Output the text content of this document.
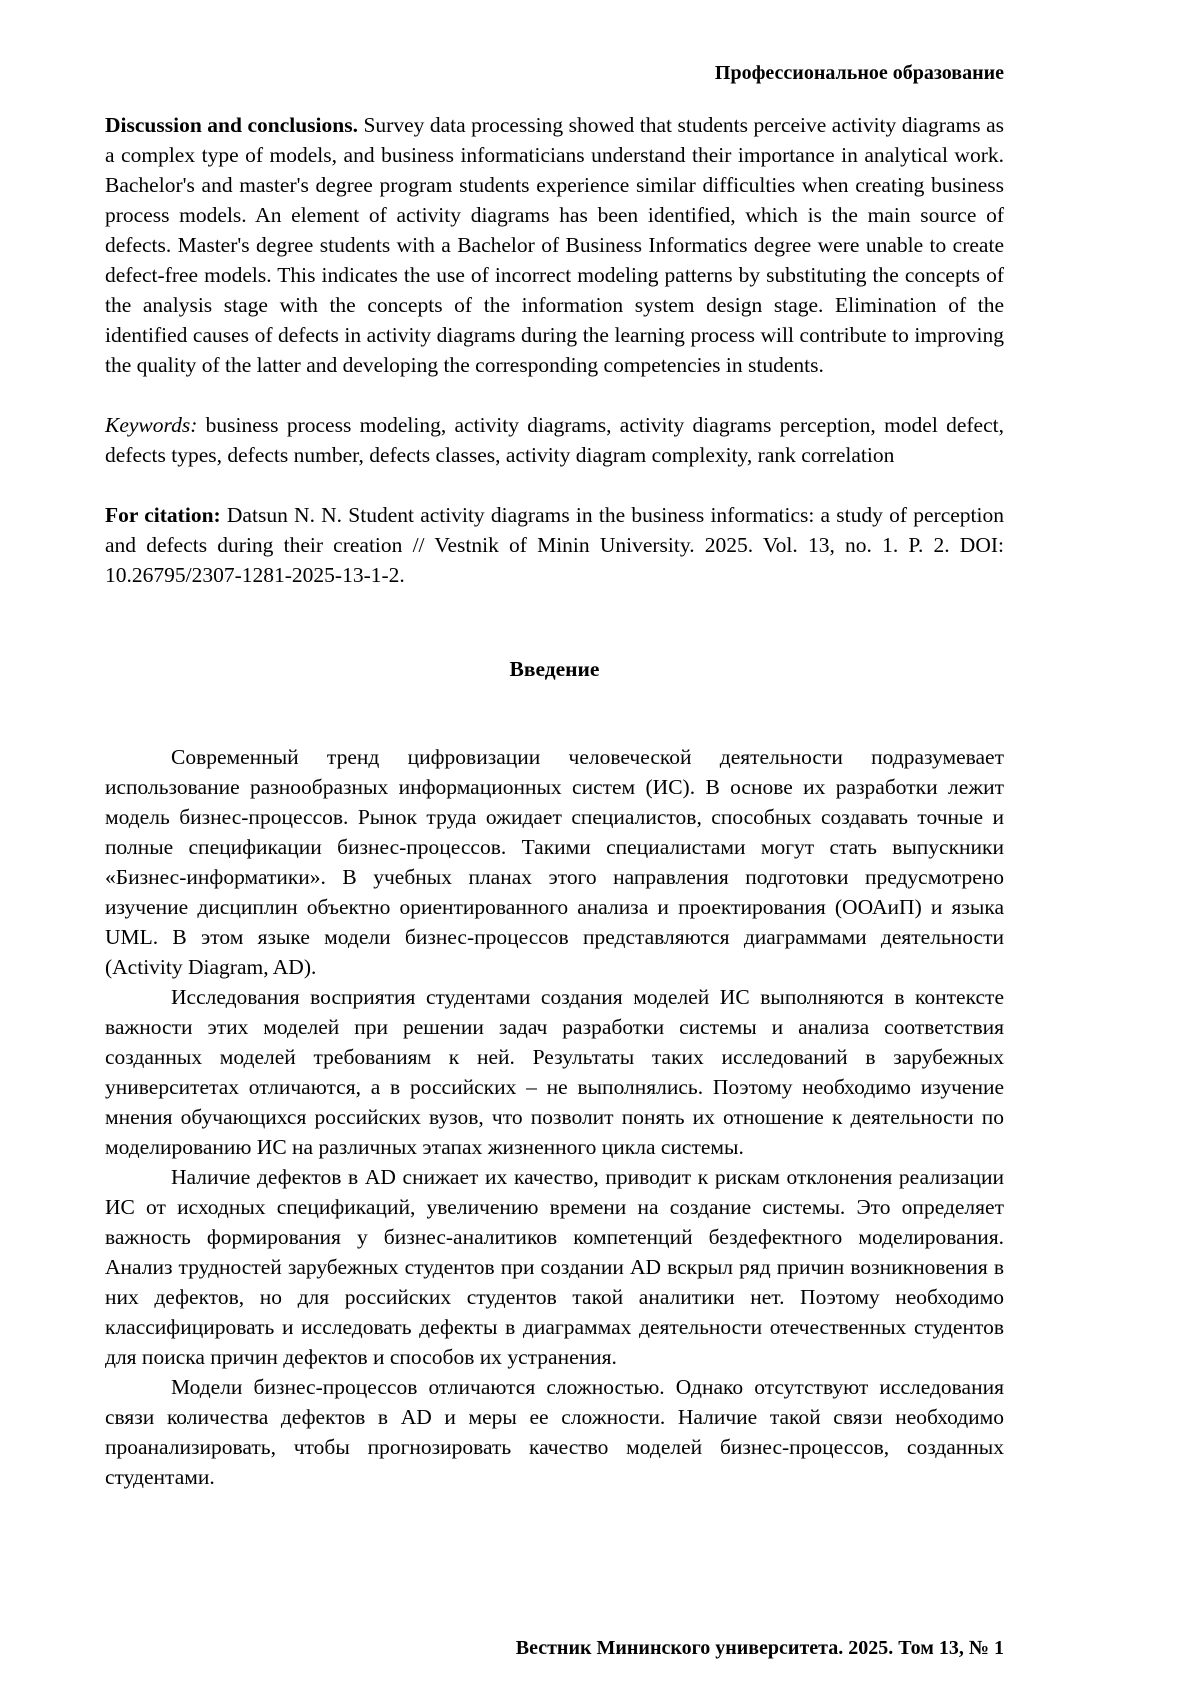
Профессиональное образование

Discussion and conclusions. Survey data processing showed that students perceive activity diagrams as a complex type of models, and business informaticians understand their importance in analytical work. Bachelor's and master's degree program students experience similar difficulties when creating business process models. An element of activity diagrams has been identified, which is the main source of defects. Master's degree students with a Bachelor of Business Informatics degree were unable to create defect-free models. This indicates the use of incorrect modeling patterns by substituting the concepts of the analysis stage with the concepts of the information system design stage. Elimination of the identified causes of defects in activity diagrams during the learning process will contribute to improving the quality of the latter and developing the corresponding competencies in students.

Keywords: business process modeling, activity diagrams, activity diagrams perception, model defect, defects types, defects number, defects classes, activity diagram complexity, rank correlation

For citation: Datsun N. N. Student activity diagrams in the business informatics: a study of perception and defects during their creation // Vestnik of Minin University. 2025. Vol. 13, no. 1. P. 2. DOI: 10.26795/2307-1281-2025-13-1-2.

Введение

Современный тренд цифровизации человеческой деятельности подразумевает использование разнообразных информационных систем (ИС). В основе их разработки лежит модель бизнес-процессов. Рынок труда ожидает специалистов, способных создавать точные и полные спецификации бизнес-процессов. Такими специалистами могут стать выпускники «Бизнес-информатики». В учебных планах этого направления подготовки предусмотрено изучение дисциплин объектно ориентированного анализа и проектирования (ООАиП) и языка UML. В этом языке модели бизнес-процессов представляются диаграммами деятельности (Activity Diagram, AD).

Исследования восприятия студентами создания моделей ИС выполняются в контексте важности этих моделей при решении задач разработки системы и анализа соответствия созданных моделей требованиям к ней. Результаты таких исследований в зарубежных университетах отличаются, а в российских – не выполнялись. Поэтому необходимо изучение мнения обучающихся российских вузов, что позволит понять их отношение к деятельности по моделированию ИС на различных этапах жизненного цикла системы.

Наличие дефектов в AD снижает их качество, приводит к рискам отклонения реализации ИС от исходных спецификаций, увеличению времени на создание системы. Это определяет важность формирования у бизнес-аналитиков компетенций бездефектного моделирования. Анализ трудностей зарубежных студентов при создании AD вскрыл ряд причин возникновения в них дефектов, но для российских студентов такой аналитики нет. Поэтому необходимо классифицировать и исследовать дефекты в диаграммах деятельности отечественных студентов для поиска причин дефектов и способов их устранения.

Модели бизнес-процессов отличаются сложностью. Однако отсутствуют исследования связи количества дефектов в AD и меры ее сложности. Наличие такой связи необходимо проанализировать, чтобы прогнозировать качество моделей бизнес-процессов, созданных студентами.

Вестник Мининского университета. 2025. Том 13, № 1
